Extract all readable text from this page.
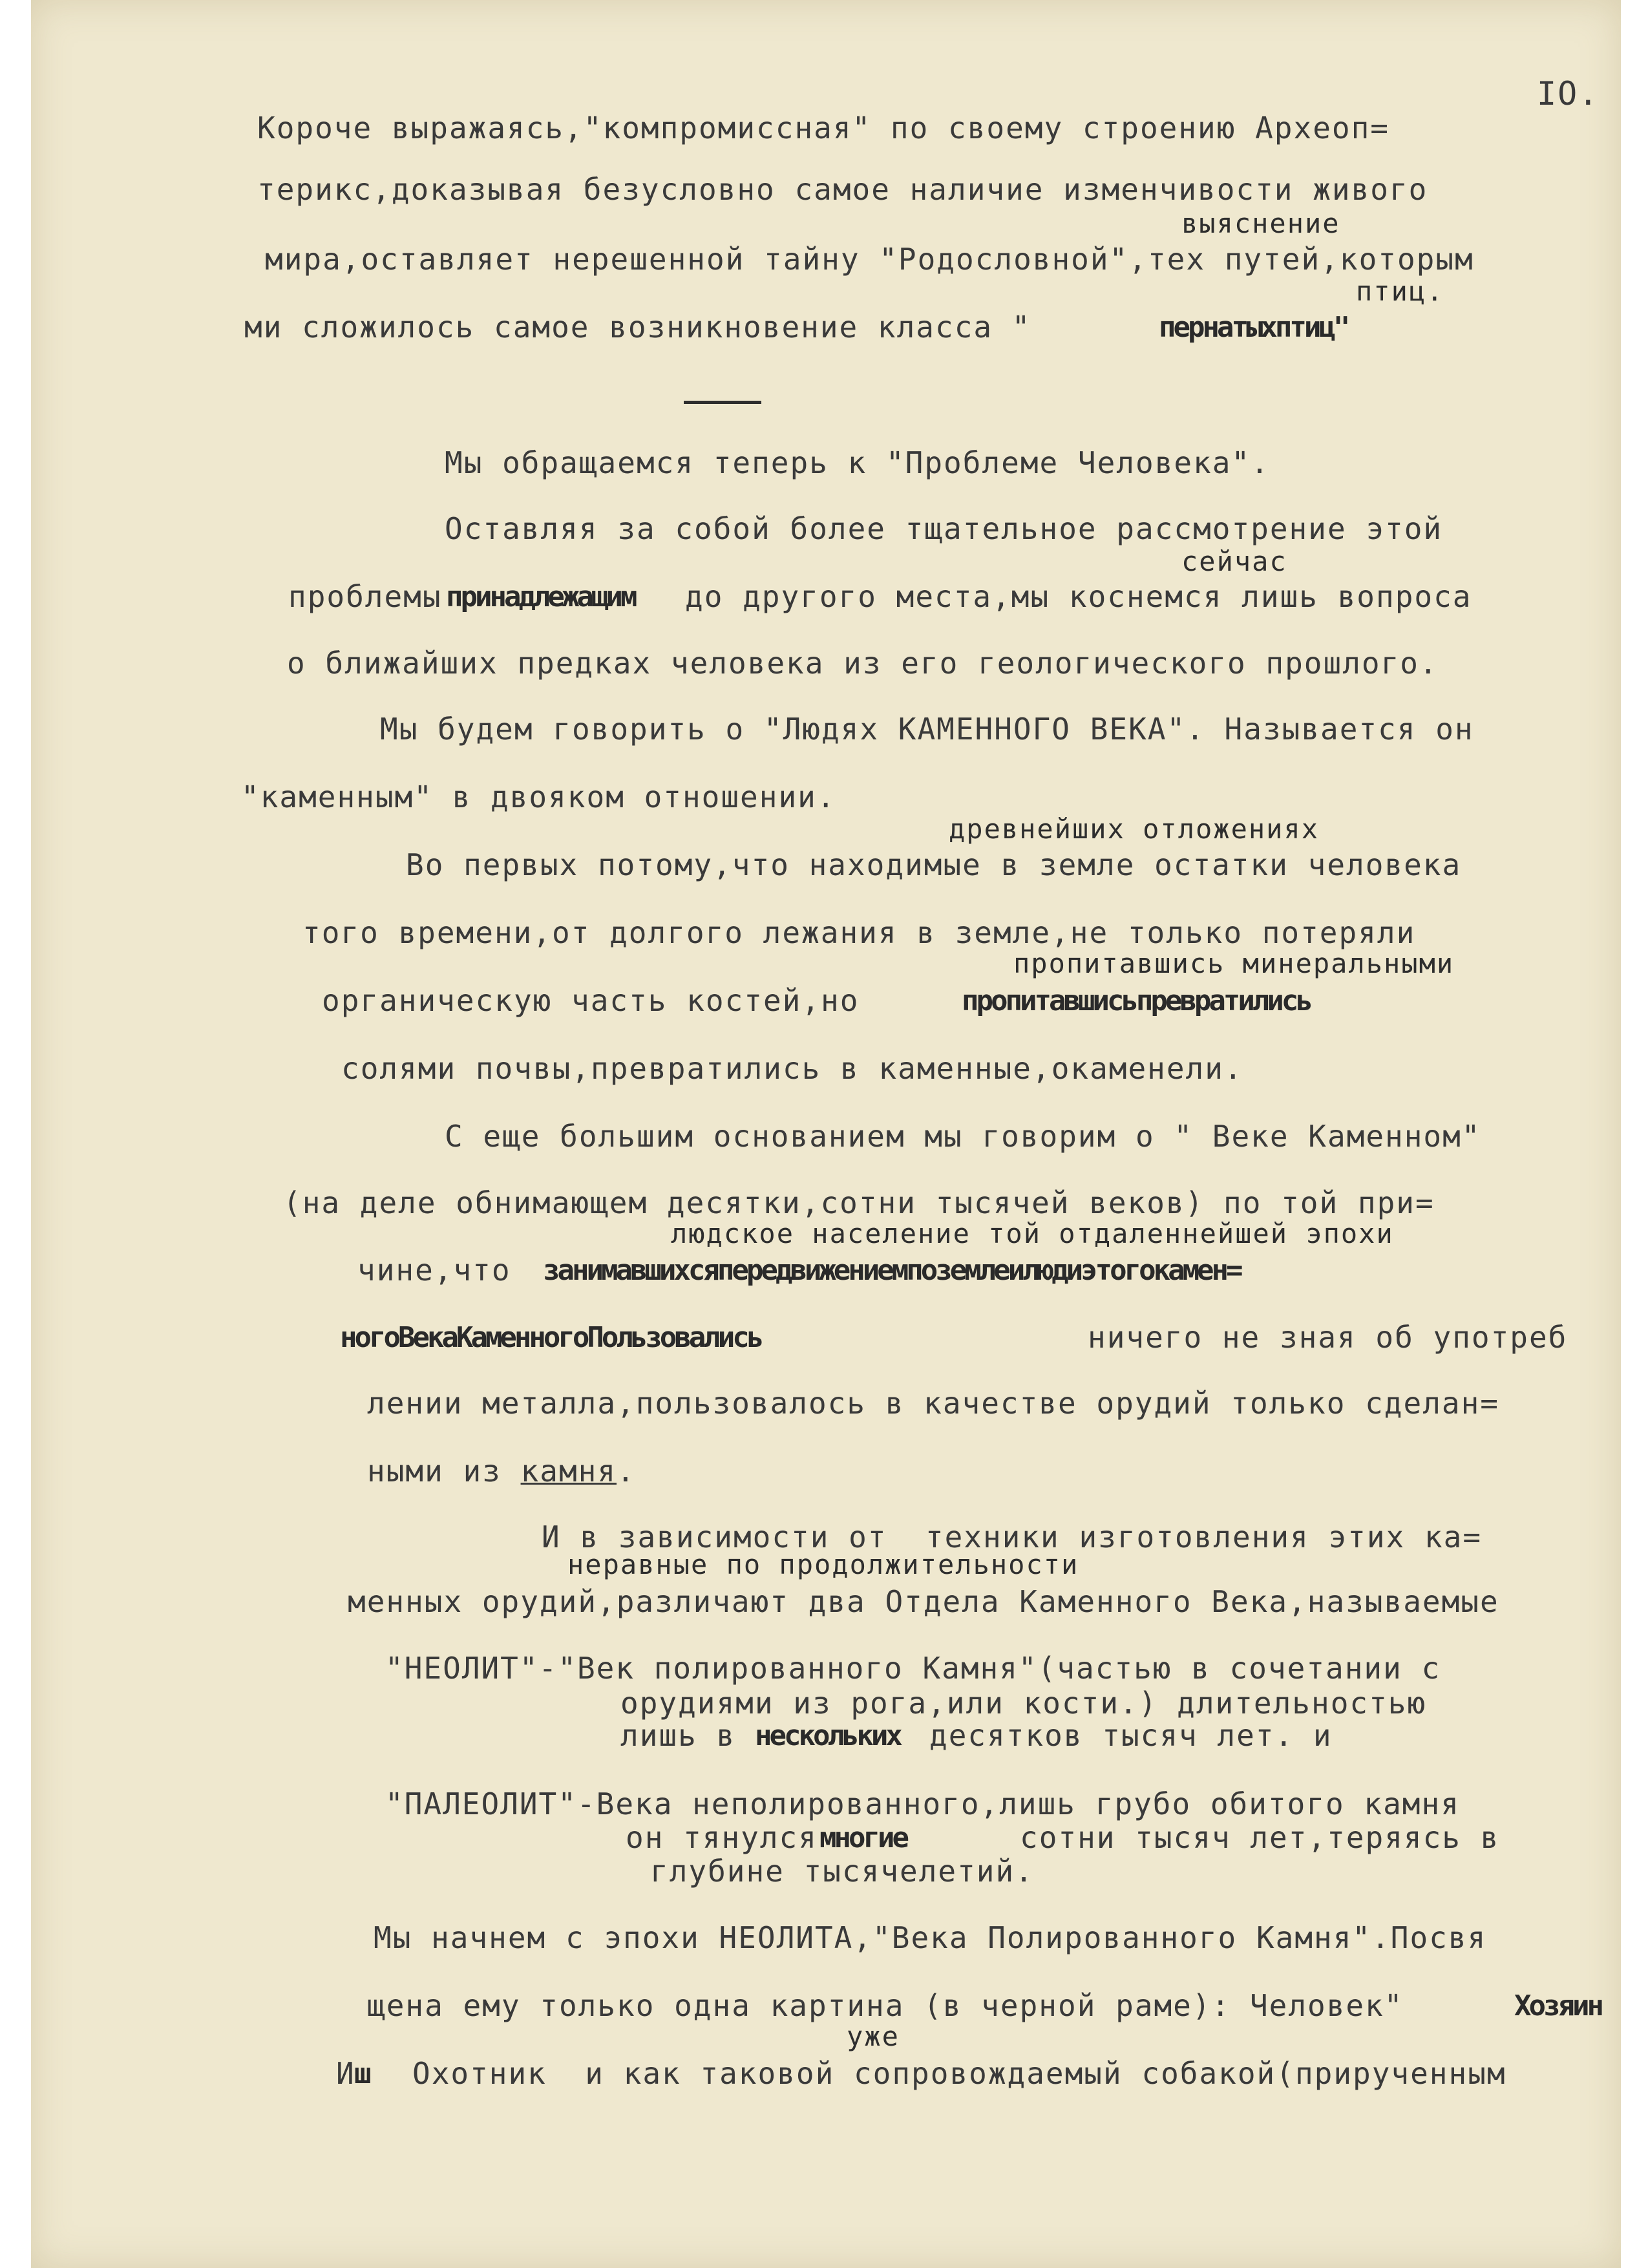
IO.
Короче выражаясь,"компромиссная" по своему строению Археоп=
терикс,доказывая безусловно самое наличие изменчивости живого
выяснение
мира,оставляет нерешенной тайну "Родословной",тех путей,которым
птиц.
ми сложилось самое возникновение класса "	пернатыхптиц"
Мы обращаемся теперь к "Проблеме Человека".
Оставляя за собой более тщательное рассмотрение этой
сейчас
проблемы принадлежащим до другого места,мы коснемся лишь вопроса
о ближайших предках человека из его геологического прошлого.
Мы будем говорить о "Людях КАМЕННОГО ВЕКА". Называется он
"каменным" в двояком отношении.
древнейших отложениях
Во первых потому,что находимые в земле остатки человека
того времени,от долгого лежания в земле,не только потеряли
пропитавшись минеральными
органическую часть костей,но	пропитавшисьпревратились
солями почвы,превратились в каменные,окаменели.
С еще большим основанием мы говорим о " Веке Каменном"
(на деле обнимающем десятки,сотни тысячей веков) по той при=
людское население той отдаленнейшей эпохи
чине,что занимавшихсяпередвижениемпоземлеилюдиэтогокамен=
ногоВекаКаменногоПользовались	ничего не зная об употреб
лении металла,пользовалось в качестве орудий только сделан=
ными из камня.
И в зависимости от  техники изготовления этих ка=
неравные по продолжительности
менных орудий,различают два Отдела Каменного Века,называемые
"НЕОЛИТ"-"Век полированного Камня"(частью в сочетании с
орудиями из рога,или кости.) длительностью
лишь в нескольких десятков тысяч лет. и
"ПАЛЕОЛИТ"-Века неполированного,лишь грубо обитого камня
он тянулся многие	сотни тысяч лет,теряясь в
глубине тысячелетий.
Мы начнем с эпохи НЕОЛИТА,"Века Полированного Камня".Посвя
щена ему только одна картина (в черной раме): Человек"	Хозяин
уже
И
ш Охотник  и как таковой сопровождаемый собакой(прирученным
